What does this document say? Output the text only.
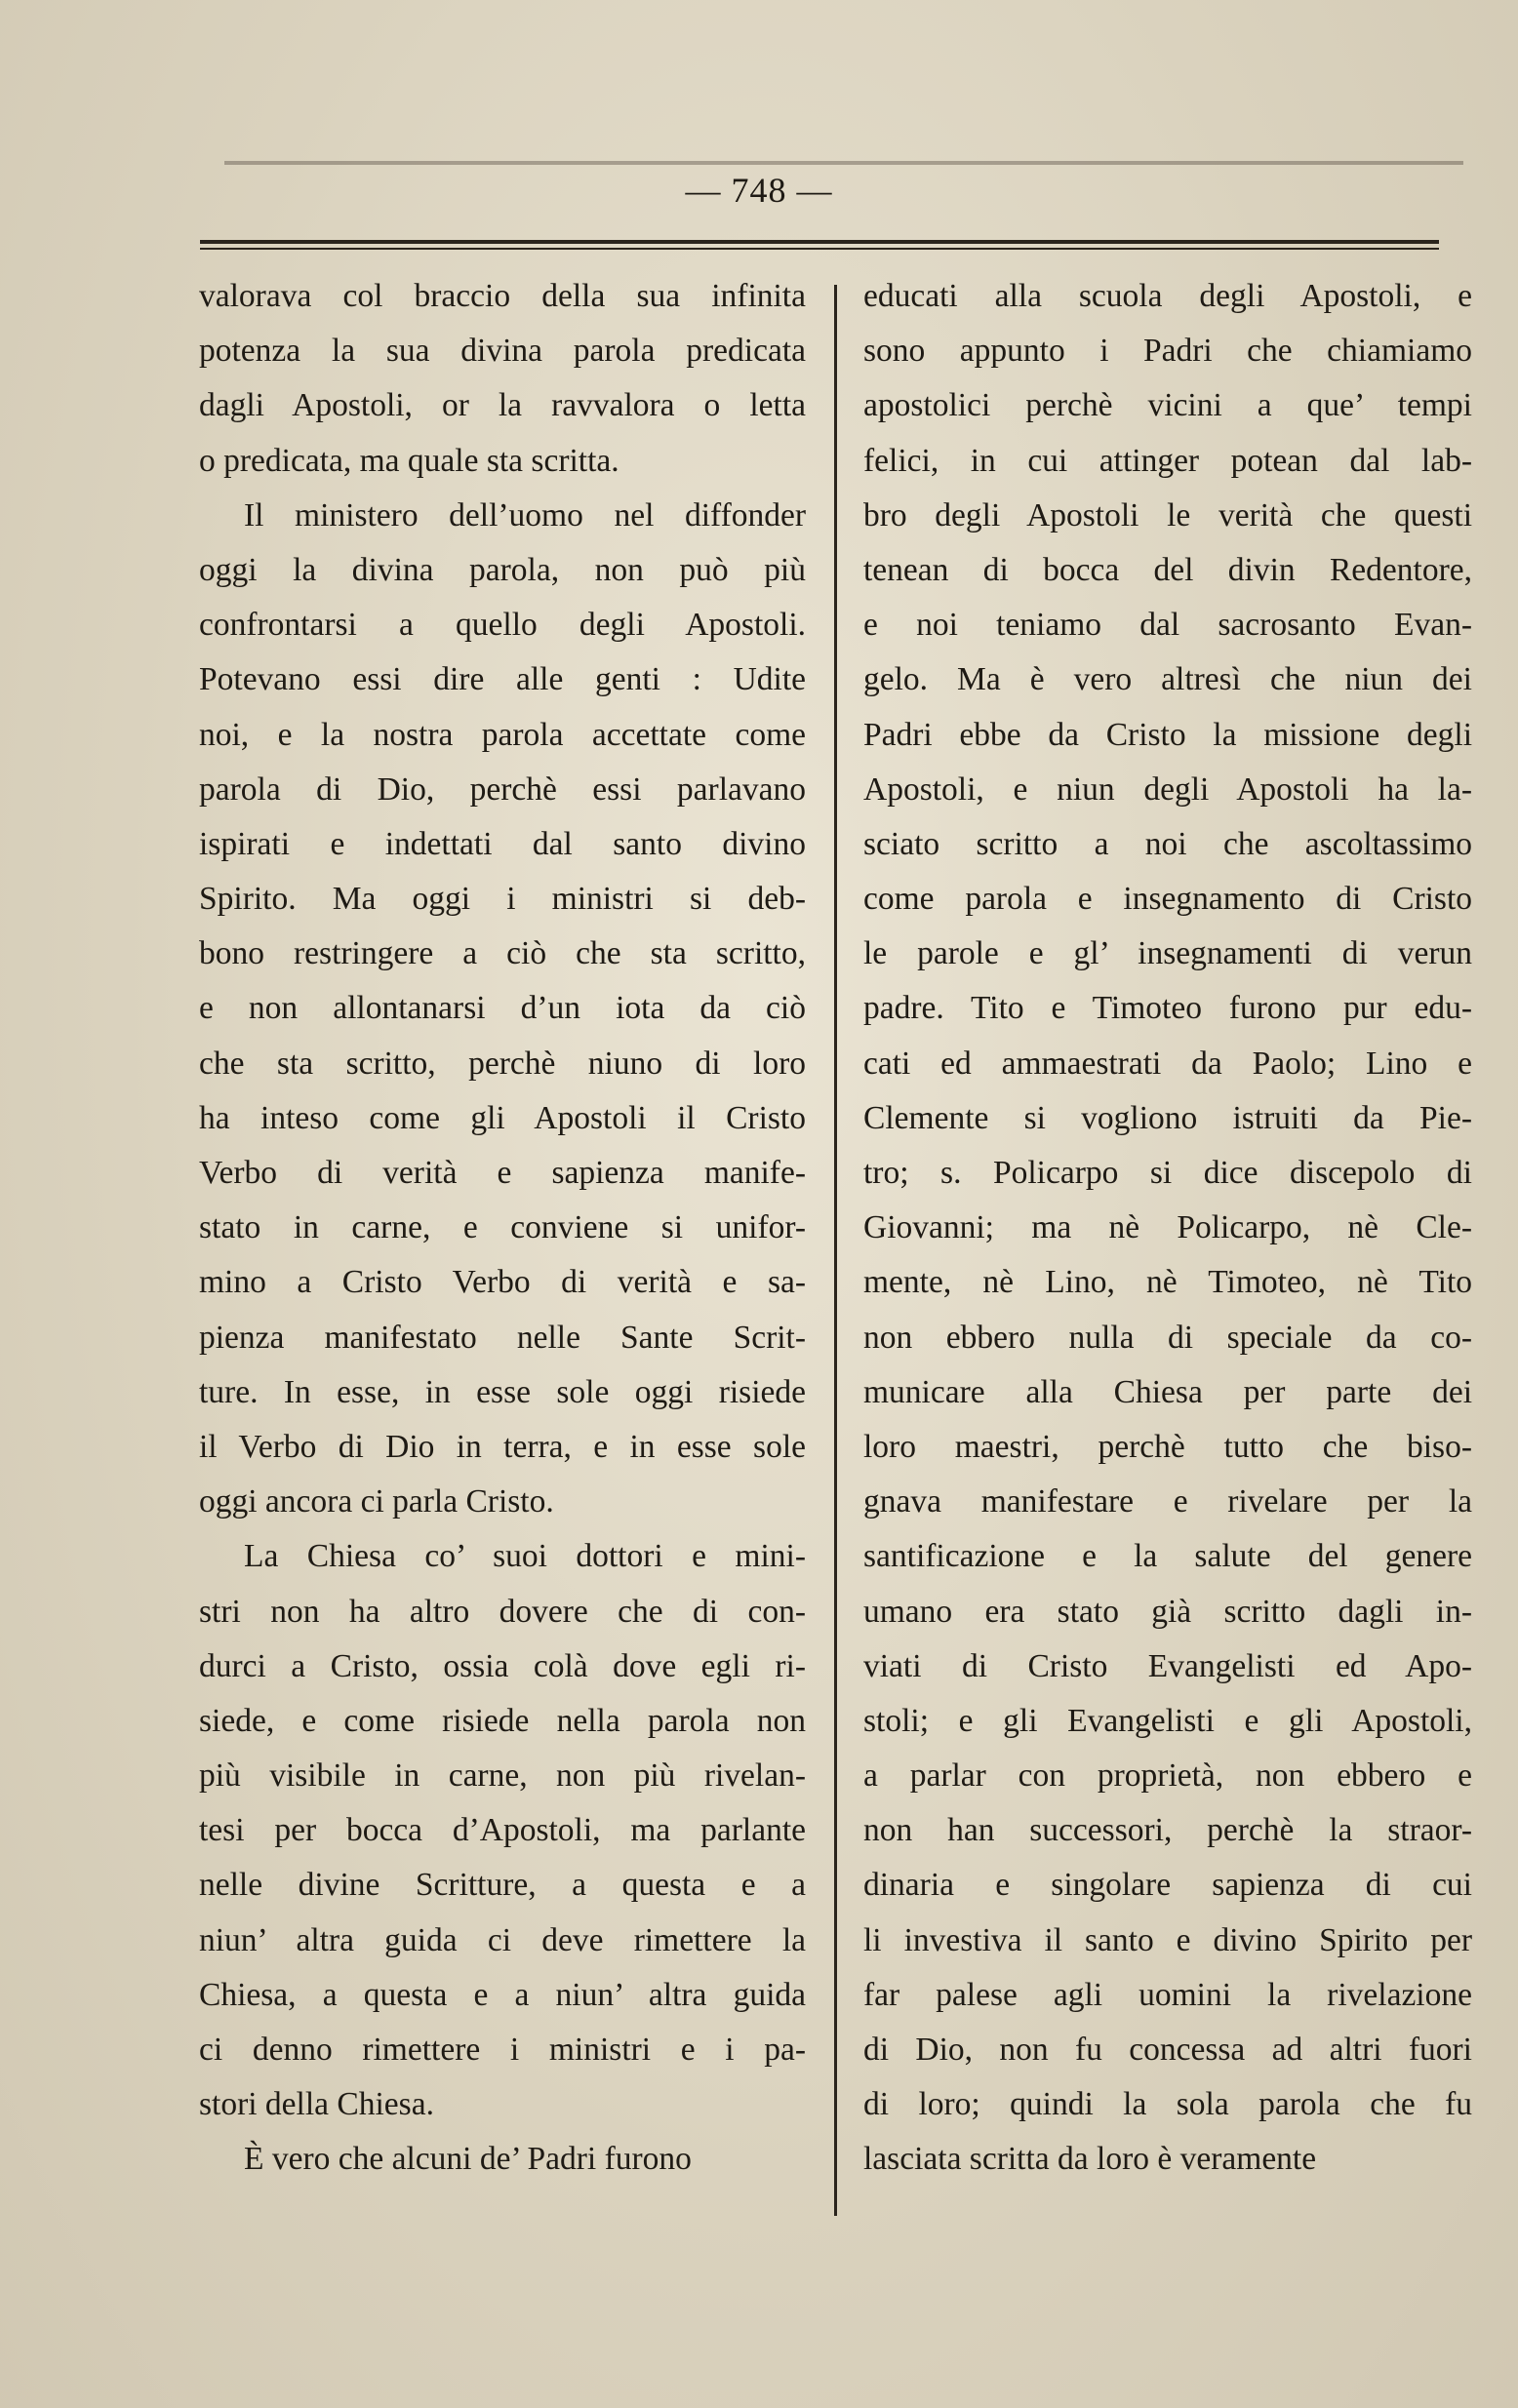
— 748 —
valorava col braccio della sua infinita
potenza la sua divina parola predicata
dagli Apostoli, or la ravvalora o letta
o predicata, ma quale sta scritta.
Il ministero dell’uomo nel diffonder
oggi la divina parola, non può più
confrontarsi a quello degli Apostoli.
Potevano essi dire alle genti : Udite
noi, e la nostra parola accettate come
parola di Dio, perchè essi parlavano
ispirati e indettati dal santo divino
Spirito. Ma oggi i ministri si deb-
bono restringere a ciò che sta scritto,
e non allontanarsi d’un iota da ciò
che sta scritto, perchè niuno di loro
ha inteso come gli Apostoli il Cristo
Verbo di verità e sapienza manife-
stato in carne, e conviene si unifor-
mino a Cristo Verbo di verità e sa-
pienza manifestato nelle Sante Scrit-
ture. In esse, in esse sole oggi risiede
il Verbo di Dio in terra, e in esse sole
oggi ancora ci parla Cristo.
La Chiesa co’ suoi dottori e mini-
stri non ha altro dovere che di con-
durci a Cristo, ossia colà dove egli ri-
siede, e come risiede nella parola non
più visibile in carne, non più rivelan-
tesi per bocca d’Apostoli, ma parlante
nelle divine Scritture, a questa e a
niun’ altra guida ci deve rimettere la
Chiesa, a questa e a niun’ altra guida
ci denno rimettere i ministri e i pa-
stori della Chiesa.
È vero che alcuni de’ Padri furono
educati alla scuola degli Apostoli, e
sono appunto i Padri che chiamiamo
apostolici perchè vicini a que’ tempi
felici, in cui attinger potean dal lab-
bro degli Apostoli le verità che questi
tenean di bocca del divin Redentore,
e noi teniamo dal sacrosanto Evan-
gelo. Ma è vero altresì che niun dei
Padri ebbe da Cristo la missione degli
Apostoli, e niun degli Apostoli ha la-
sciato scritto a noi che ascoltassimo
come parola e insegnamento di Cristo
le parole e gl’ insegnamenti di verun
padre. Tito e Timoteo furono pur edu-
cati ed ammaestrati da Paolo; Lino e
Clemente si vogliono istruiti da Pie-
tro; s. Policarpo si dice discepolo di
Giovanni; ma nè Policarpo, nè Cle-
mente, nè Lino, nè Timoteo, nè Tito
non ebbero nulla di speciale da co-
municare alla Chiesa per parte dei
loro maestri, perchè tutto che biso-
gnava manifestare e rivelare per la
santificazione e la salute del genere
umano era stato già scritto dagli in-
viati di Cristo Evangelisti ed Apo-
stoli; e gli Evangelisti e gli Apostoli,
a parlar con proprietà, non ebbero e
non han successori, perchè la straor-
dinaria e singolare sapienza di cui
li investiva il santo e divino Spirito per
far palese agli uomini la rivelazione
di Dio, non fu concessa ad altri fuori
di loro; quindi la sola parola che fu
lasciata scritta da loro è veramente
